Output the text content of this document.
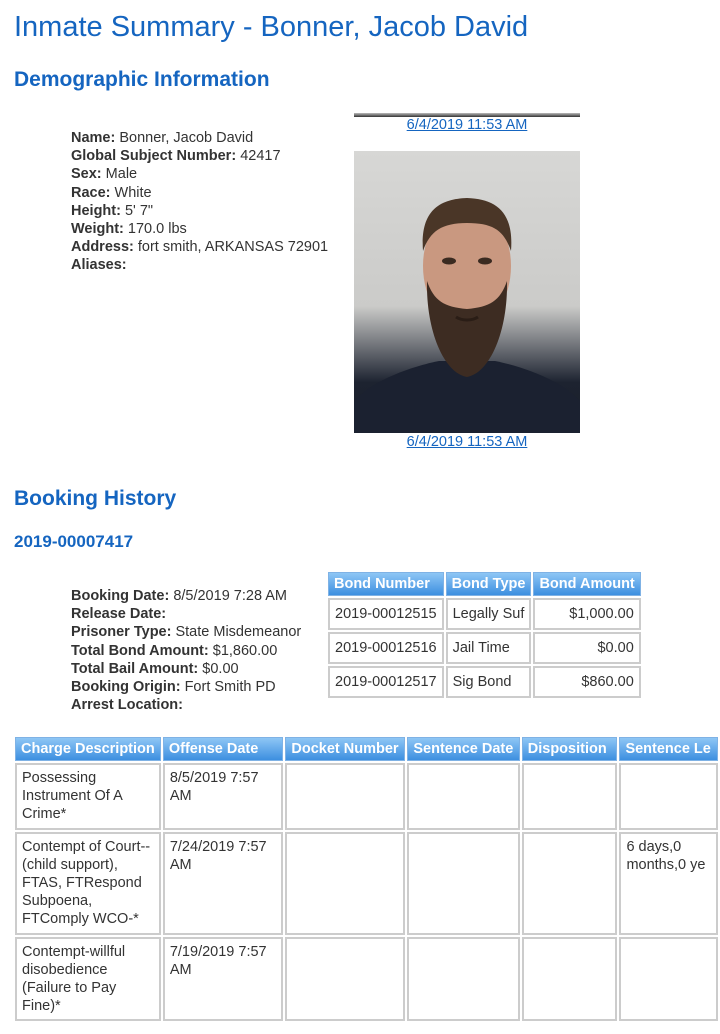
Inmate Summary - Bonner, Jacob David
Demographic Information
Name: Bonner, Jacob David
Global Subject Number: 42417
Sex: Male
Race: White
Height: 5' 7"
Weight: 170.0 lbs
Address: fort smith, ARKANSAS 72901
Aliases:
6/4/2019 11:53 AM
6/4/2019 11:53 AM
Booking History
2019-00007417
Booking Date: 8/5/2019 7:28 AM
Release Date:
Prisoner Type: State Misdemeanor
Total Bond Amount: $1,860.00
Total Bail Amount: $0.00
Booking Origin: Fort Smith PD
Arrest Location:
Bond Number	Bond Type	Bond Amount
2019-00012515	Legally Suf	$1,000.00
2019-00012516	Jail Time	$0.00
2019-00012517	Sig Bond	$860.00
Charge Description	Offense Date	Docket Number	Sentence Date	Disposition	Sentence Le
Possessing Instrument Of A Crime*	8/5/2019 7:57 AM				
Contempt of Court--(child support), FTAS, FTRespond Subpoena, FTComply WCO-*	7/24/2019 7:57 AM				6 days,0 months,0 ye
Contempt-willful disobedience (Failure to Pay Fine)*	7/19/2019 7:57 AM				
